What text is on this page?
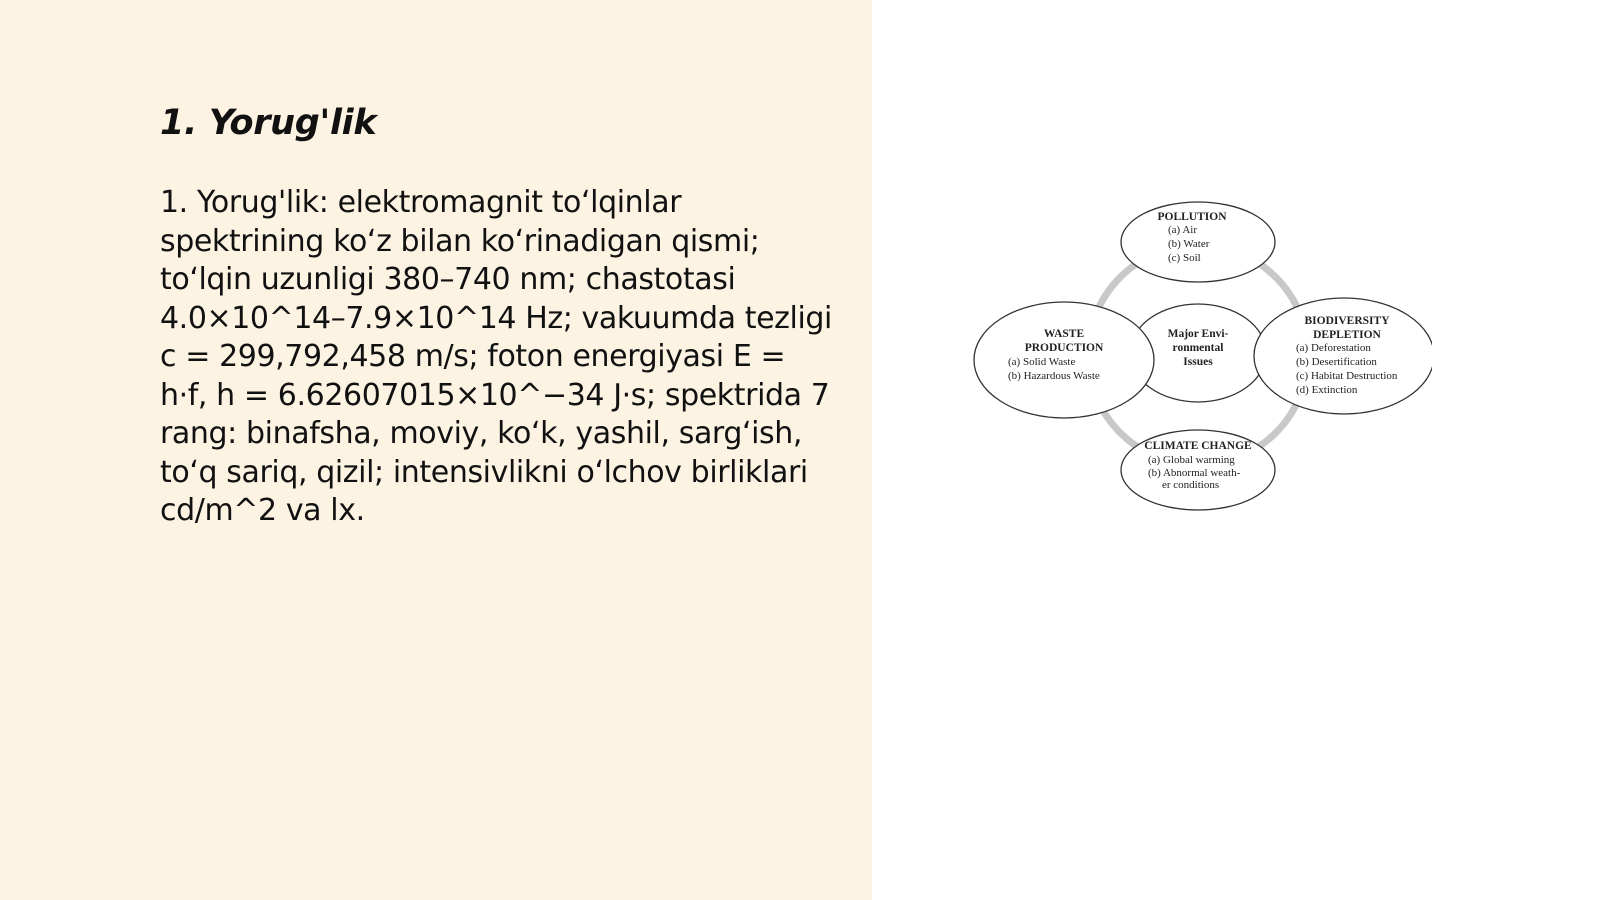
1. Yorug'lik

1. Yorug'lik: elektromagnit to‘lqinlar spektrining ko‘z bilan ko‘rinadigan qismi; to‘lqin uzunligi 380–740 nm; chastotasi 4.0×10^14–7.9×10^14 Hz; vakuumda tezligi c = 299,792,458 m/s; foton energiyasi E = h·f, h = 6.62607015×10^−34 J·s; spektrida 7 rang: binafsha, moviy, ko‘k, yashil, sarg‘ish, to‘q sariq, qizil; intensivlikni o‘lchov birliklari cd/m^2 va lx.

Major Envi-
ronmental
Issues
POLLUTION
(a) Air
(b) Water
(c) Soil
WASTE
PRODUCTION
(a) Solid Waste
(b) Hazardous Waste
BIODIVERSITY
DEPLETION
(a) Deforestation
(b) Desertification
(c) Habitat Destruction
(d) Extinction
CLIMATE CHANGE
(a) Global warming
(b) Abnormal weath-
er conditions
